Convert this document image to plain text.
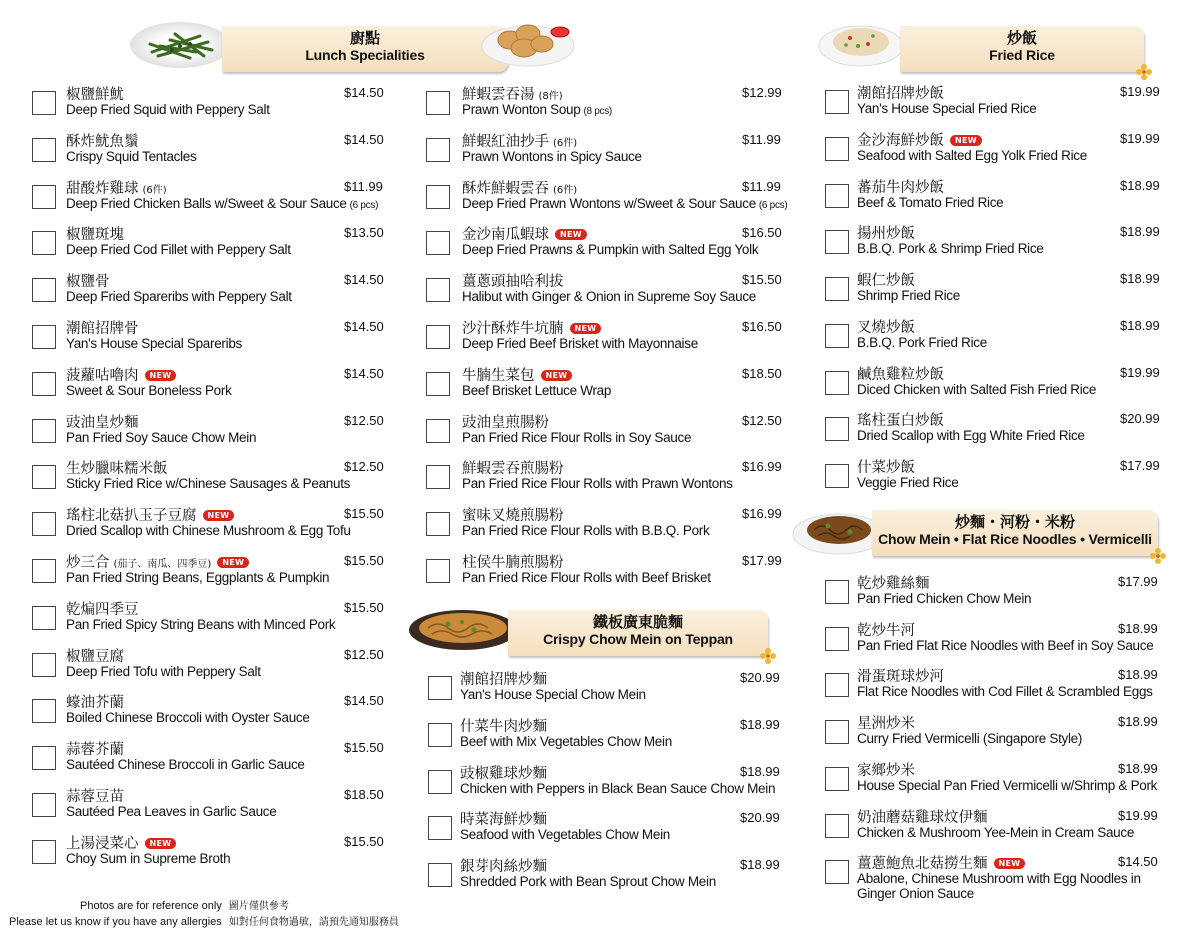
廚點
Lunch Specialities
椒鹽鮮魷
Deep Fried Squid with Peppery Salt
$14.50
酥炸魷魚鬚
Crispy Squid Tentacles
$14.50
甜酸炸雞球 (6件)
Deep Fried Chicken Balls w/Sweet & Sour Sauce (6 pcs)
$11.99
椒鹽斑塊
Deep Fried Cod Fillet with Peppery Salt
$13.50
椒鹽骨
Deep Fried Spareribs with Peppery Salt
$14.50
潮館招牌骨
Yan's House Special Spareribs
$14.50
菠蘿咕嚕肉 NEW
Sweet & Sour Boneless Pork
$14.50
豉油皇炒麵
Pan Fried Soy Sauce Chow Mein
$12.50
生炒臘味糯米飯
Sticky Fried Rice w/Chinese Sausages & Peanuts
$12.50
瑤柱北菇扒玉子豆腐 NEW
Dried Scallop with Chinese Mushroom & Egg Tofu
$15.50
炒三合 (茄子、南瓜、四季豆) NEW
Pan Fried String Beans, Eggplants & Pumpkin
$15.50
乾煸四季豆
Pan Fried Spicy String Beans with Minced Pork
$15.50
椒鹽豆腐
Deep Fried Tofu with Peppery Salt
$12.50
蠔油芥蘭
Boiled Chinese Broccoli with Oyster Sauce
$14.50
蒜蓉芥蘭
Sautéed Chinese Broccoli in Garlic Sauce
$15.50
蒜蓉豆苗
Sautéed Pea Leaves in Garlic Sauce
$18.50
上湯浸菜心 NEW
Choy Sum in Supreme Broth
$15.50
鮮蝦雲吞湯 (8件)
Prawn Wonton Soup (8 pcs)
$12.99
鮮蝦紅油抄手 (6件)
Prawn Wontons in Spicy Sauce
$11.99
酥炸鮮蝦雲吞 (6件)
Deep Fried Prawn Wontons w/Sweet & Sour Sauce (6 pcs)
$11.99
金沙南瓜蝦球 NEW
Deep Fried Prawns & Pumpkin with Salted Egg Yolk
$16.50
薑蔥頭抽哈利拔
Halibut with Ginger & Onion in Supreme Soy Sauce
$15.50
沙汁酥炸牛坑腩 NEW
Deep Fried Beef Brisket with Mayonnaise
$16.50
牛腩生菜包 NEW
Beef Brisket Lettuce Wrap
$18.50
豉油皇煎腸粉
Pan Fried Rice Flour Rolls in Soy Sauce
$12.50
鮮蝦雲吞煎腸粉
Pan Fried Rice Flour Rolls with Prawn Wontons
$16.99
蜜味叉燒煎腸粉
Pan Fried Rice Flour Rolls with B.B.Q. Pork
$16.99
柱侯牛腩煎腸粉
Pan Fried Rice Flour Rolls with Beef Brisket
$17.99
鐵板廣東脆麵
Crispy Chow Mein on Teppan
潮館招牌炒麵
Yan's House Special Chow Mein
$20.99
什菜牛肉炒麵
Beef with Mix Vegetables Chow Mein
$18.99
豉椒雞球炒麵
Chicken with Peppers in Black Bean Sauce Chow Mein
$18.99
時菜海鮮炒麵
Seafood with Vegetables Chow Mein
$20.99
銀芽肉絲炒麵
Shredded Pork with Bean Sprout Chow Mein
$18.99
炒飯
Fried Rice
潮館招牌炒飯
Yan's House Special Fried Rice
$19.99
金沙海鮮炒飯 NEW
Seafood with Salted Egg Yolk Fried Rice
$19.99
蕃茄牛肉炒飯
Beef & Tomato Fried Rice
$18.99
揚州炒飯
B.B.Q. Pork & Shrimp Fried Rice
$18.99
蝦仁炒飯
Shrimp Fried Rice
$18.99
叉燒炒飯
B.B.Q. Pork Fried Rice
$18.99
鹹魚雞粒炒飯
Diced Chicken with Salted Fish Fried Rice
$19.99
瑤柱蛋白炒飯
Dried Scallop with Egg White Fried Rice
$20.99
什菜炒飯
Veggie Fried Rice
$17.99
炒麵・河粉・米粉
Chow Mein • Flat Rice Noodles • Vermicelli
乾炒雞絲麵
Pan Fried Chicken Chow Mein
$17.99
乾炒牛河
Pan Fried Flat Rice Noodles with Beef in Soy Sauce
$18.99
滑蛋斑球炒河
Flat Rice Noodles with Cod Fillet & Scrambled Eggs
$18.99
星洲炒米
Curry Fried Vermicelli (Singapore Style)
$18.99
家鄉炒米
House Special Pan Fried Vermicelli w/Shrimp & Pork
$18.99
奶油蘑菇雞球炆伊麵
Chicken & Mushroom Yee-Mein in Cream Sauce
$19.99
薑蔥鮑魚北菇撈生麵 NEW
Abalone, Chinese Mushroom with Egg Noodles in
Ginger Onion Sauce
$14.50
Photos are for reference only 圖片僅供參考
Please let us know if you have any allergies 如對任何食物過敏，請預先通知服務員
